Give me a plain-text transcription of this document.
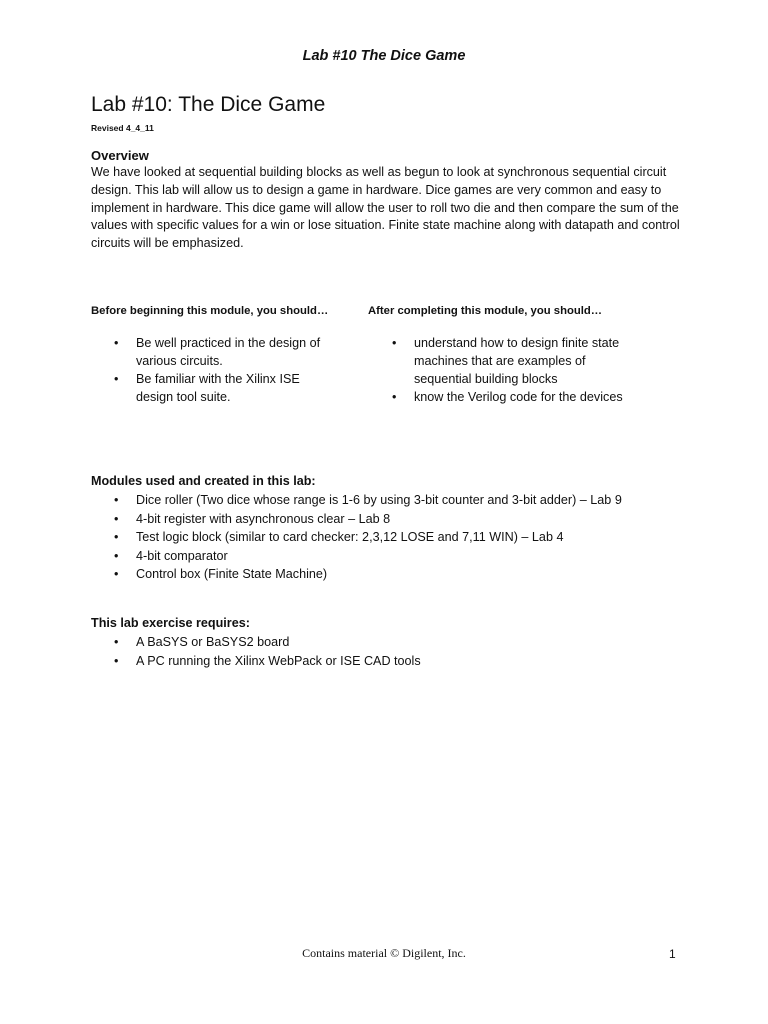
Lab #10 The Dice Game
Lab #10: The Dice Game
Revised 4_4_11
Overview
We have looked at sequential building blocks as well as begun to look at synchronous sequential circuit design. This lab will allow us to design a game in hardware. Dice games are very common and easy to implement in hardware. This dice game will allow the user to roll two die and then compare the sum of the values with specific values for a win or lose situation. Finite state machine along with datapath and control circuits will be emphasized.
Before beginning this module, you should…	After completing this module, you should…
• Be well practiced in the design of various circuits.
• Be familiar with the Xilinx ISE design tool suite.
• understand how to design finite state machines that are examples of sequential building blocks
• know the Verilog code for the devices
Modules used and created in this lab:
• Dice roller (Two dice whose range is 1-6 by using 3-bit counter and 3-bit adder) – Lab 9
• 4-bit register with asynchronous clear – Lab 8
• Test logic block (similar to card checker: 2,3,12 LOSE and 7,11 WIN) – Lab 4
• 4-bit comparator
• Control box (Finite State Machine)
This lab exercise requires:
• A BaSYS or BaSYS2 board
• A PC running the Xilinx WebPack or ISE CAD tools
Contains material © Digilent, Inc.	1
